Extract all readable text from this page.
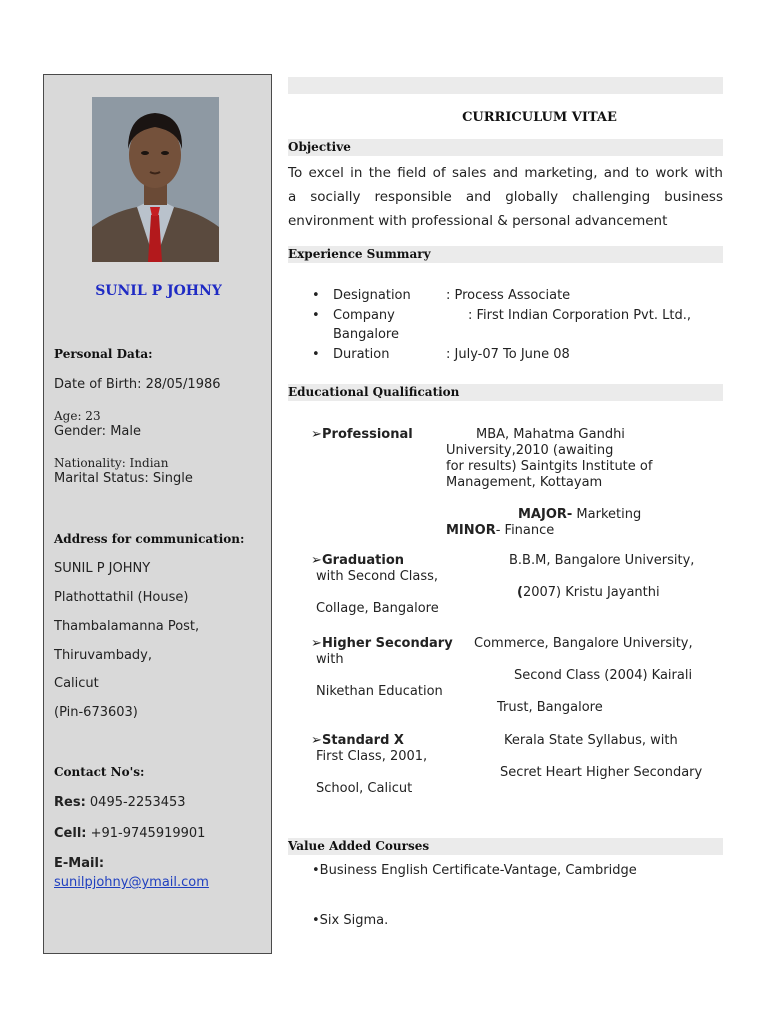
SUNIL P JOHNY
Personal Data:
Date of Birth: 28/05/1986
Age: 23
Gender: Male
Nationality: Indian
Marital Status: Single
Address for communication:
SUNIL P JOHNY
Plathottathil (House)
Thambalamanna Post,
Thiruvambady,
Calicut
(Pin-673603)
Contact No's:
Res: 0495-2253453
Cell: +91-9745919901
E-Mail:
sunilpjohny@ymail.com
CURRICULUM VITAE
Objective
To excel in the field of sales and marketing, and to work with
a socially responsible and globally challenging business
environment with professional & personal advancement
Experience Summary
• Designation	: Process Associate
• Company	: First Indian Corporation Pvt. Ltd.,
Bangalore
• Duration	: July-07 To June 08
Educational Qualification
➢ Professional	MBA, Mahatma Gandhi
University,2010 (awaiting
for results) Saintgits Institute of
Management, Kottayam
MAJOR- Marketing
MINOR- Finance
➢ Graduation	B.B.M, Bangalore University,
with Second Class,
(2007) Kristu Jayanthi
Collage, Bangalore
➢ Higher Secondary Commerce, Bangalore University,
with
Second Class (2004) Kairali
Nikethan Education
Trust, Bangalore
➢ Standard X	Kerala State Syllabus, with
First Class, 2001,
Secret Heart Higher Secondary
School, Calicut
Value Added Courses
•Business English Certificate-Vantage, Cambridge
•Six Sigma.
